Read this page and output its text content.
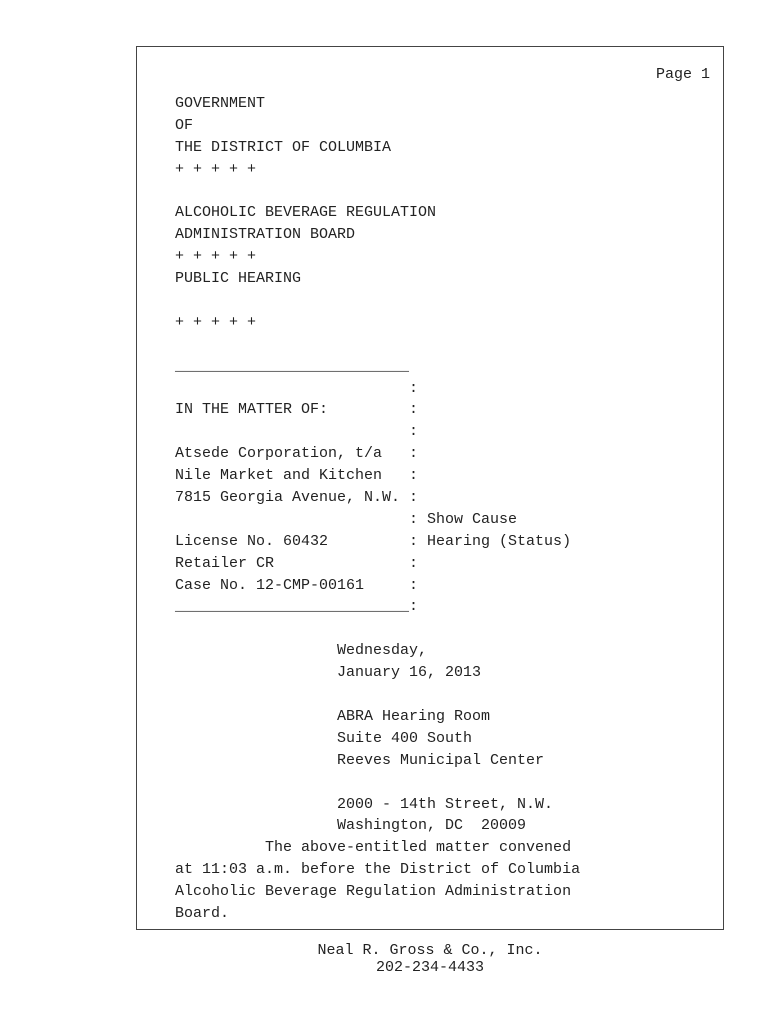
Page 1
GOVERNMENT
OF
THE DISTRICT OF COLUMBIA
+ + + + +
ALCOHOLIC BEVERAGE REGULATION
ADMINISTRATION BOARD
+ + + + +
PUBLIC HEARING
+ + + + +
__________________________
:
IN THE MATTER OF:         :
:
Atsede Corporation, t/a   :
Nile Market and Kitchen   :
7815 Georgia Avenue, N.W. :
: Show Cause
License No. 60432         : Hearing (Status)
Retailer CR               :
Case No. 12-CMP-00161     :
__________________________:
Wednesday,
January 16, 2013
ABRA Hearing Room
Suite 400 South
Reeves Municipal Center
2000 - 14th Street, N.W.
Washington, DC  20009
The above-entitled matter convened
at 11:03 a.m. before the District of Columbia
Alcoholic Beverage Regulation Administration
Board.
Neal R. Gross & Co., Inc.
202-234-4433
